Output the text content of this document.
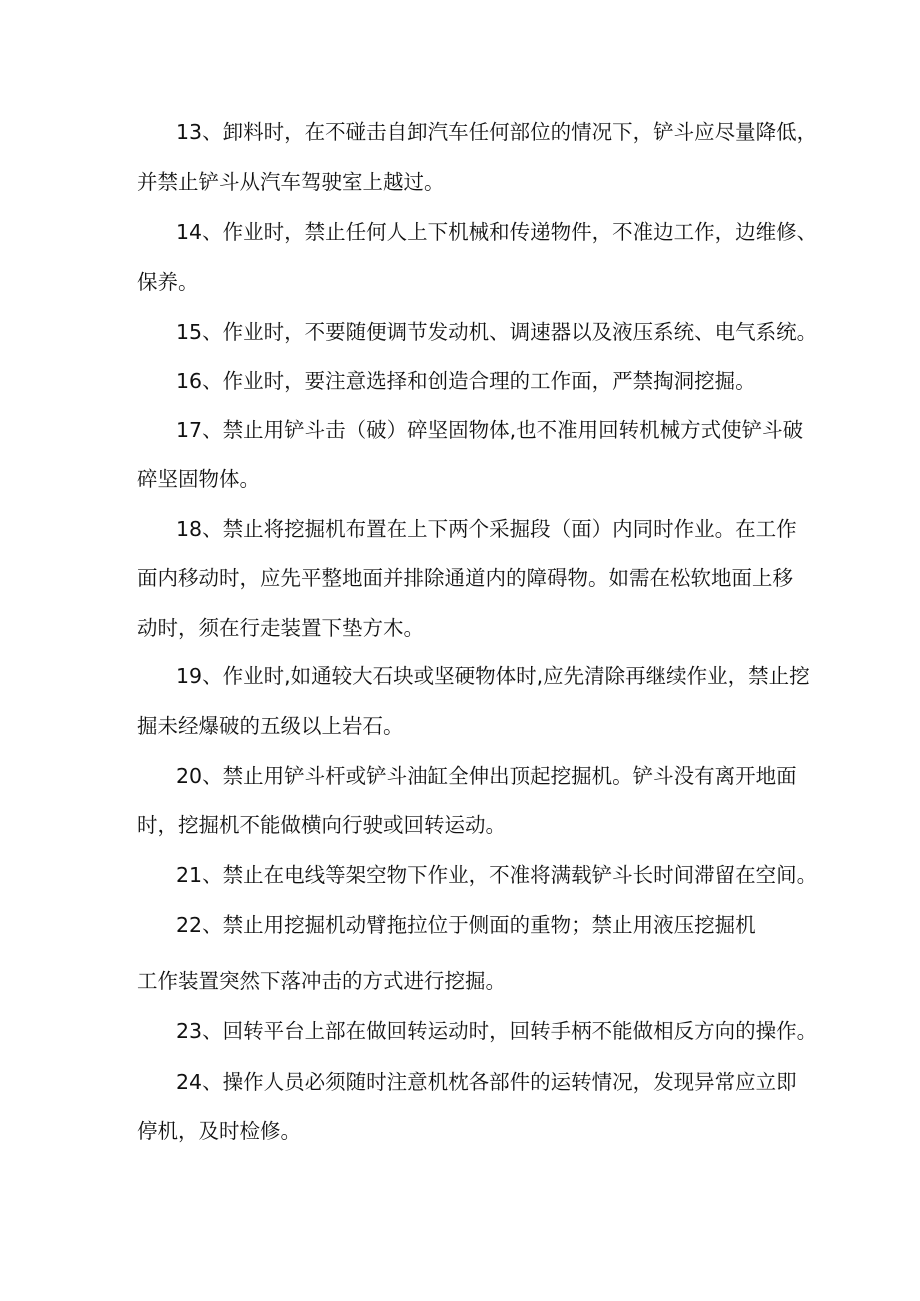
13、卸料时，在不碰击自卸汽车任何部位的情况下，铲斗应尽量降低，
并禁止铲斗从汽车驾驶室上越过。
14、作业时，禁止任何人上下机械和传递物件，不准边工作，边维修、
保养。
15、作业时，不要随便调节发动机、调速器以及液压系统、电气系统。
16、作业时，要注意选择和创造合理的工作面，严禁掏洞挖掘。
17、禁止用铲斗击（破）碎坚固物体,也不准用回转机械方式使铲斗破
碎坚固物体。
18、禁止将挖掘机布置在上下两个采掘段（面）内同时作业。在工作
面内移动时，应先平整地面并排除通道内的障碍物。如需在松软地面上移
动时，须在行走装置下垫方木。
19、作业时,如通较大石块或坚硬物体时,应先清除再继续作业，禁止挖
掘未经爆破的五级以上岩石。
20、禁止用铲斗杆或铲斗油缸全伸出顶起挖掘机。铲斗没有离开地面
时，挖掘机不能做横向行驶或回转运动。
21、禁止在电线等架空物下作业，不准将满载铲斗长时间滞留在空间。
22、禁止用挖掘机动臂拖拉位于侧面的重物；禁止用液压挖掘机
工作装置突然下落冲击的方式进行挖掘。
23、回转平台上部在做回转运动时，回转手柄不能做相反方向的操作。
24、操作人员必须随时注意机枕各部件的运转情况，发现异常应立即
停机，及时检修。
